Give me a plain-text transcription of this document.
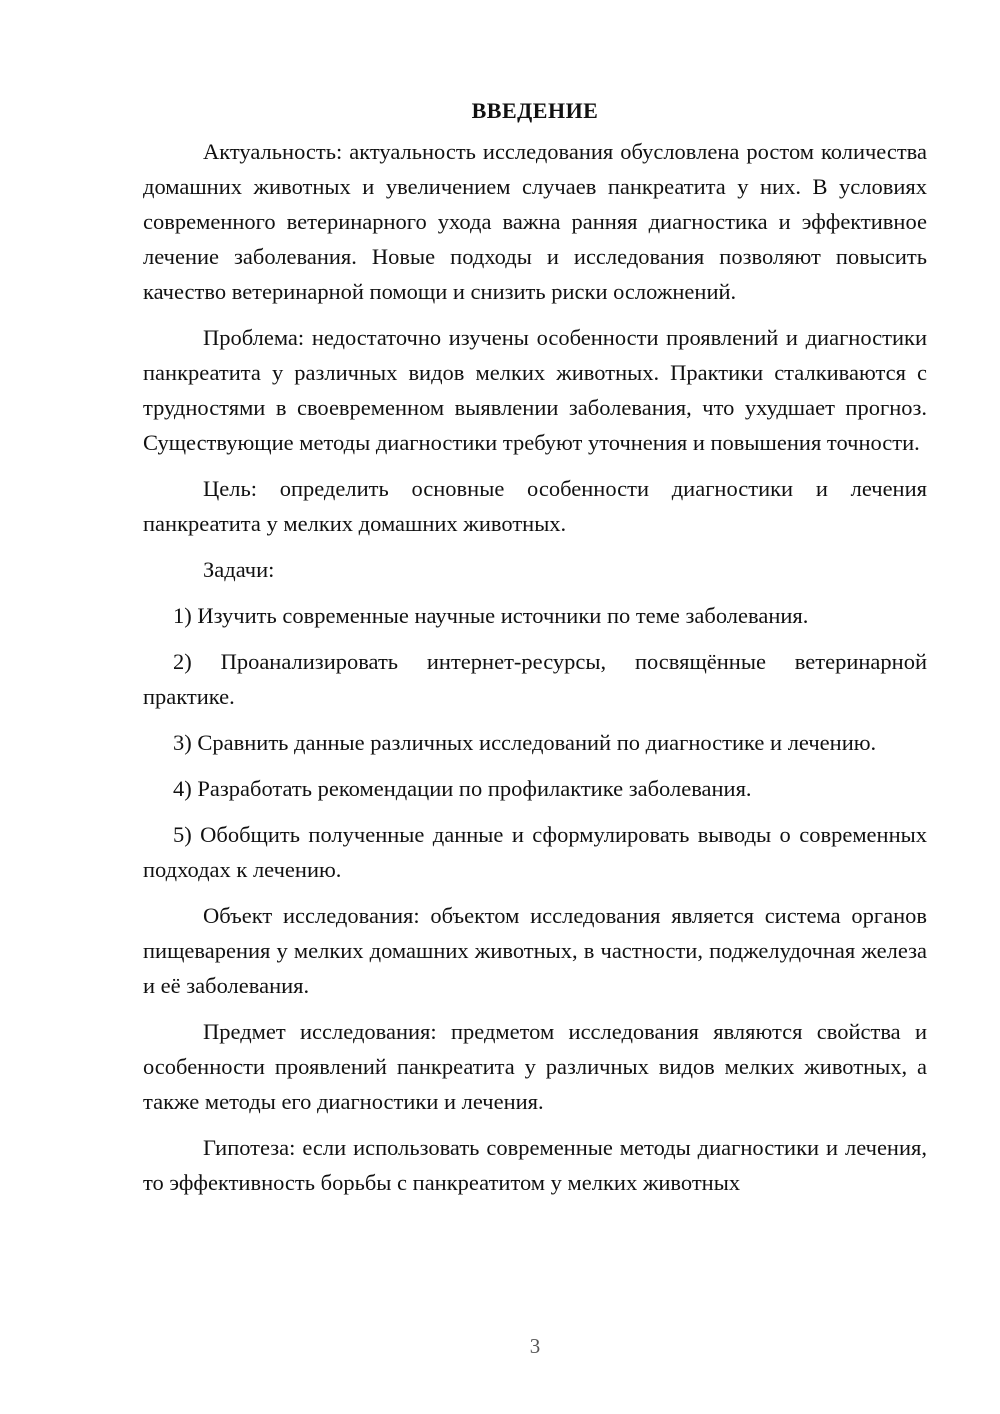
ВВЕДЕНИЕ

Актуальность: актуальность исследования обусловлена ростом количества домашних животных и увеличением случаев панкреатита у них. В условиях современного ветеринарного ухода важна ранняя диагностика и эффективное лечение заболевания. Новые подходы и исследования позволяют повысить качество ветеринарной помощи и снизить риски осложнений.

Проблема: недостаточно изучены особенности проявлений и диагностики панкреатита у различных видов мелких животных. Практики сталкиваются с трудностями в своевременном выявлении заболевания, что ухудшает прогноз. Существующие методы диагностики требуют уточнения и повышения точности.

Цель: определить основные особенности диагностики и лечения панкреатита у мелких домашних животных.

Задачи:

1) Изучить современные научные источники по теме заболевания.

2) Проанализировать интернет-ресурсы, посвящённые ветеринарной практике.

3) Сравнить данные различных исследований по диагностике и лечению.

4) Разработать рекомендации по профилактике заболевания.

5) Обобщить полученные данные и сформулировать выводы о современных подходах к лечению.

Объект исследования: объектом исследования является система органов пищеварения у мелких домашних животных, в частности, поджелудочная железа и её заболевания.

Предмет исследования: предметом исследования являются свойства и особенности проявлений панкреатита у различных видов мелких животных, а также методы его диагностики и лечения.

Гипотеза: если использовать современные методы диагностики и лечения, то эффективность борьбы с панкреатитом у мелких животных

3
